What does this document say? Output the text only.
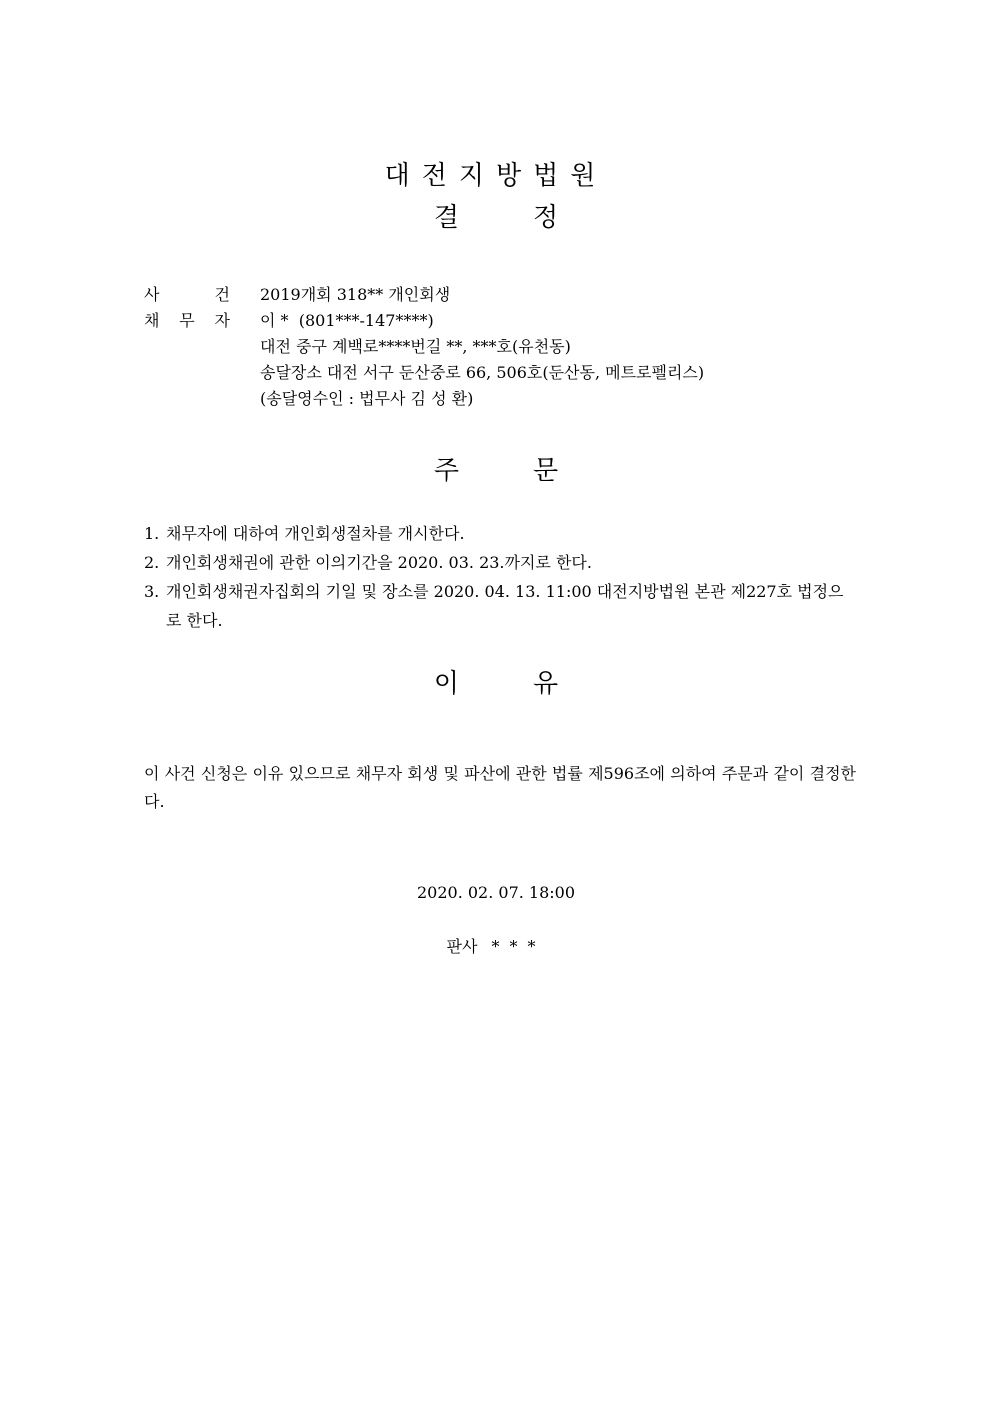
대전지방법원
결	정
사  건 2019개회 318** 개인회생
채 무 자 이 *  (801***-147****)
대전 중구 계백로****번길 **, ***호(유천동)
송달장소 대전 서구 둔산중로 66, 506호(둔산동, 메트로펠리스)
(송달영수인 : 법무사 김 성 환)
주	문
1. 채무자에 대하여 개인회생절차를 개시한다.
2. 개인회생채권에 관한 이의기간을 2020. 03. 23.까지로 한다.
3. 개인회생채권자집회의 기일 및 장소를 2020. 04. 13. 11:00 대전지방법원 본관 제227호 법정으로 한다.
이	유
이 사건 신청은 이유 있으므로 채무자 회생 및 파산에 관한 법률 제596조에 의하여 주문과 같이 결정한다.
2020. 02. 07. 18:00
판사 ***
